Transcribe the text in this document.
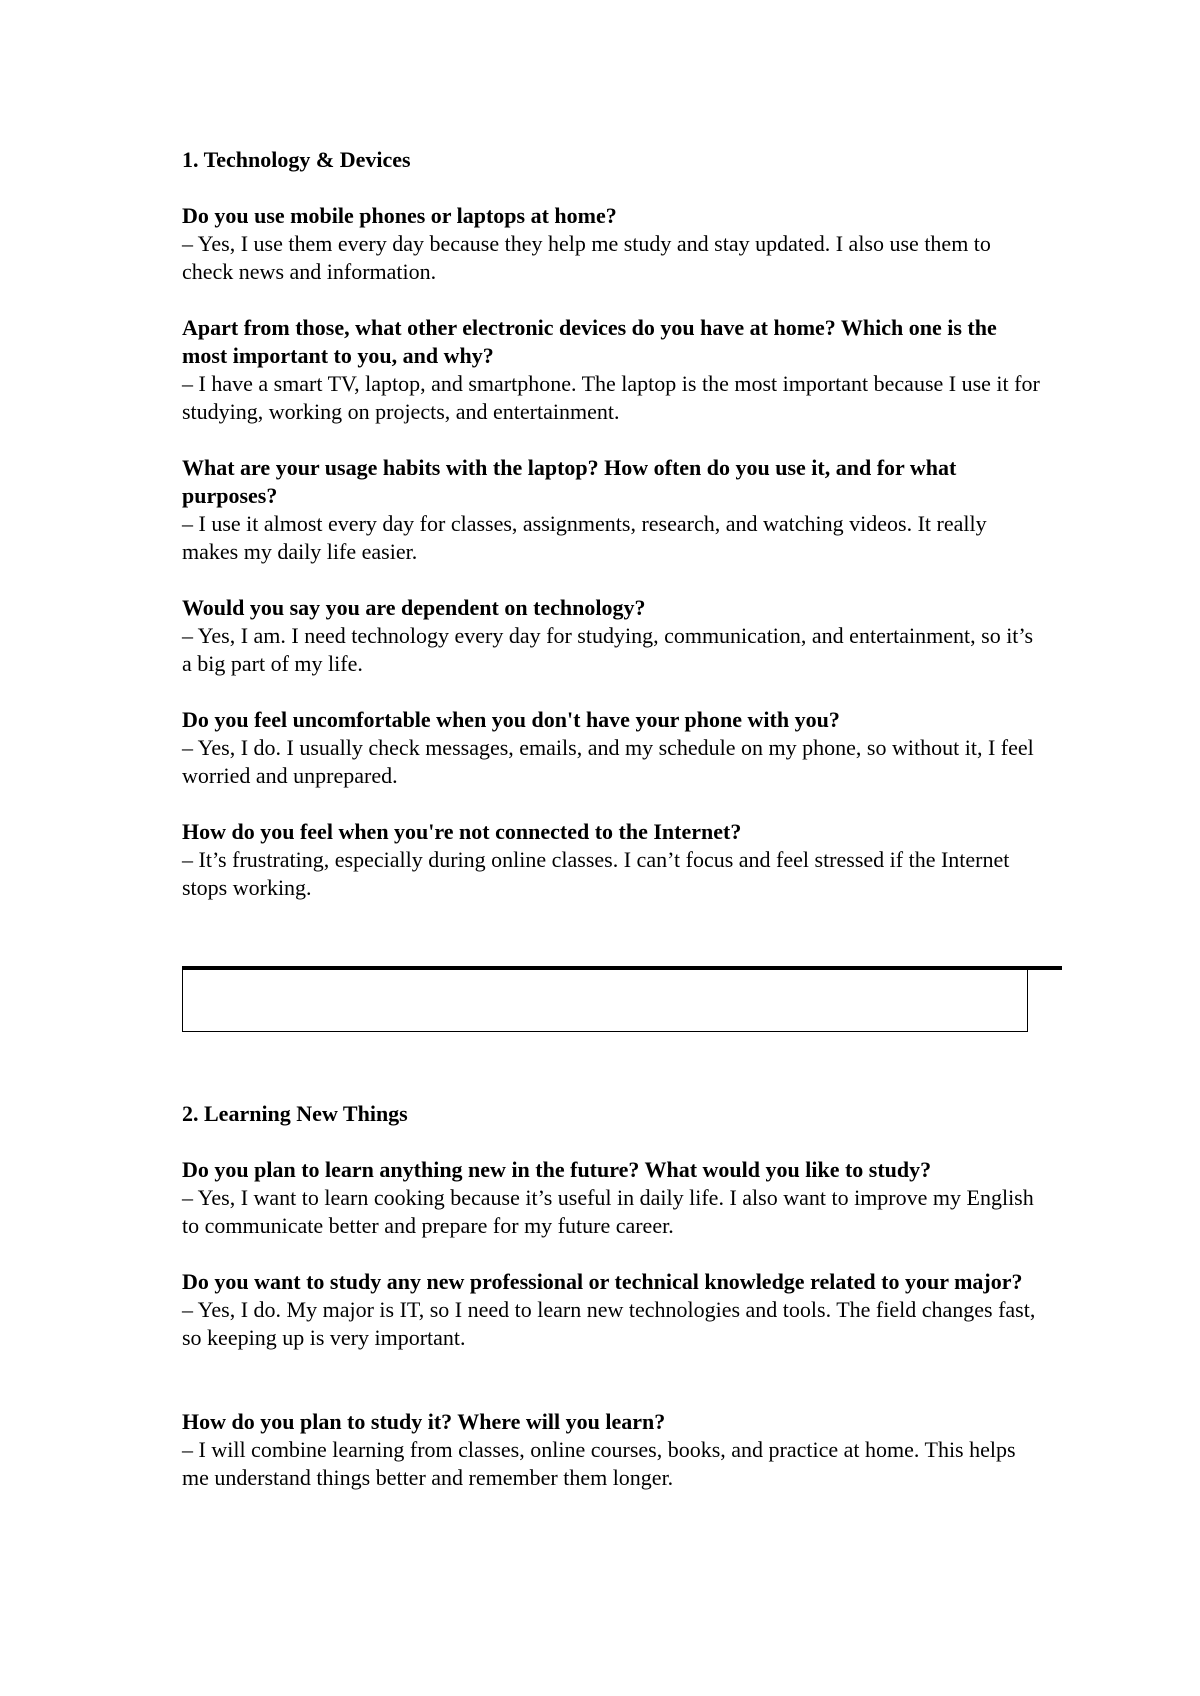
1. Technology & Devices

Do you use mobile phones or laptops at home?

– Yes, I use them every day because they help me study and stay updated. I also use them to check news and information.

Apart from those, what other electronic devices do you have at home? Which one is the most important to you, and why?

– I have a smart TV, laptop, and smartphone. The laptop is the most important because I use it for studying, working on projects, and entertainment.

What are your usage habits with the laptop? How often do you use it, and for what purposes?

– I use it almost every day for classes, assignments, research, and watching videos. It really makes my daily life easier.

Would you say you are dependent on technology?

– Yes, I am. I need technology every day for studying, communication, and entertainment, so it’s a big part of my life.

Do you feel uncomfortable when you don't have your phone with you?

– Yes, I do. I usually check messages, emails, and my schedule on my phone, so without it, I feel worried and unprepared.

How do you feel when you're not connected to the Internet?

– It’s frustrating, especially during online classes. I can’t focus and feel stressed if the Internet stops working.

2. Learning New Things

Do you plan to learn anything new in the future? What would you like to study?

– Yes, I want to learn cooking because it’s useful in daily life. I also want to improve my English to communicate better and prepare for my future career.

Do you want to study any new professional or technical knowledge related to your major?

– Yes, I do. My major is IT, so I need to learn new technologies and tools. The field changes fast, so keeping up is very important.

How do you plan to study it? Where will you learn?

– I will combine learning from classes, online courses, books, and practice at home. This helps me understand things better and remember them longer.
